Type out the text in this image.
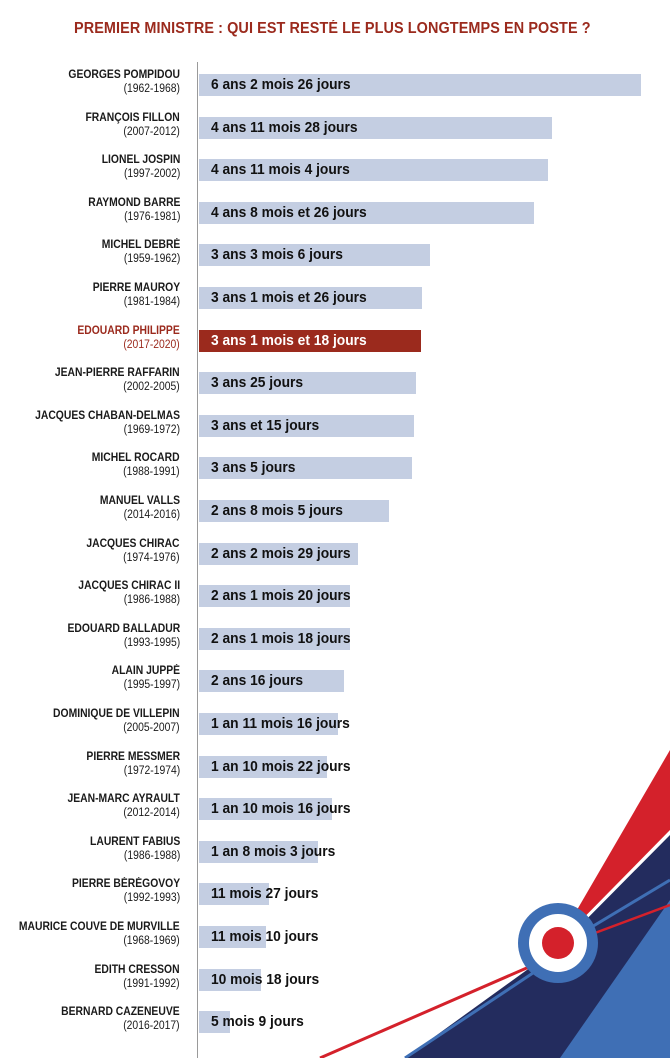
PREMIER MINISTRE : QUI EST RESTÉ LE PLUS LONGTEMPS EN POSTE ?
GEORGES POMPIDOU
(1962-1968) 6 ans 2 mois 26 jours
FRANÇOIS FILLON
(2007-2012) 4 ans 11 mois 28 jours
LIONEL JOSPIN
(1997-2002) 4 ans 11 mois 4 jours
RAYMOND BARRE
(1976-1981) 4 ans 8 mois et 26 jours
MICHEL DEBRÉ
(1959-1962) 3 ans 3 mois 6 jours
PIERRE MAUROY
(1981-1984) 3 ans 1 mois et 26 jours
EDOUARD PHILIPPE
(2017-2020) 3 ans 1 mois et 18 jours
JEAN-PIERRE RAFFARIN
(2002-2005) 3 ans 25 jours
JACQUES CHABAN-DELMAS
(1969-1972) 3 ans et 15 jours
MICHEL ROCARD
(1988-1991) 3 ans 5 jours
MANUEL VALLS
(2014-2016) 2 ans 8 mois 5 jours
JACQUES CHIRAC
(1974-1976) 2 ans 2 mois 29 jours
JACQUES CHIRAC II
(1986-1988) 2 ans 1 mois 20 jours
EDOUARD BALLADUR
(1993-1995) 2 ans 1 mois 18 jours
ALAIN JUPPÉ
(1995-1997) 2 ans 16 jours
DOMINIQUE DE VILLEPIN
(2005-2007) 1 an 11 mois 16 jours
PIERRE MESSMER
(1972-1974) 1 an 10 mois 22 jours
JEAN-MARC AYRAULT
(2012-2014) 1 an 10 mois 16 jours
LAURENT FABIUS
(1986-1988) 1 an 8 mois 3 jours
PIERRE BÉRÉGOVOY
(1992-1993) 11 mois 27 jours
MAURICE COUVE DE MURVILLE
(1968-1969) 11 mois 10 jours
EDITH CRESSON
(1991-1992) 10 mois 18 jours
BERNARD CAZENEUVE
(2016-2017) 5 mois 9 jours
